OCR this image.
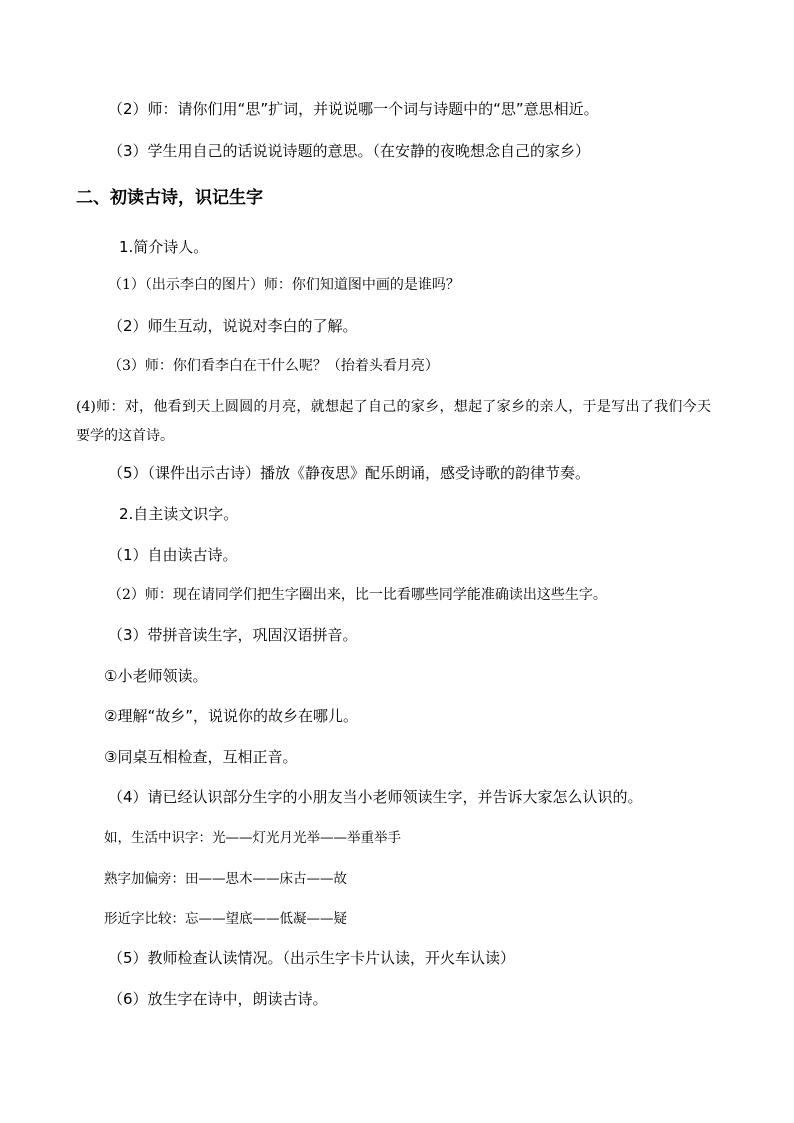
（2）师：请你们用“思”扩词，并说说哪一个词与诗题中的“思”意思相近。
（3）学生用自己的话说说诗题的意思。（在安静的夜晚想念自己的家乡）
二、初读古诗，识记生字
1.简介诗人。
（1）（出示李白的图片）师：你们知道图中画的是谁吗？
（2）师生互动，说说对李白的了解。
（3）师：你们看李白在干什么呢？（抬着头看月亮）
(4)师：对，他看到天上圆圆的月亮，就想起了自己的家乡，想起了家乡的亲人，于是写出了我们今天要学的这首诗。
（5）（课件出示古诗）播放《静夜思》配乐朗诵，感受诗歌的韵律节奏。
2.自主读文识字。
（1）自由读古诗。
（2）师：现在请同学们把生字圈出来，比一比看哪些同学能准确读出这些生字。
（3）带拼音读生字，巩固汉语拼音。
①小老师领读。
②理解“故乡”，说说你的故乡在哪儿。
③同桌互相检查，互相正音。
（4）请已经认识部分生字的小朋友当小老师领读生字，并告诉大家怎么认识的。
如，生活中识字：光——灯光月光举——举重举手
熟字加偏旁：田——思木——床古——故
形近字比较：忘——望底——低凝——疑
（5）教师检查认读情况。（出示生字卡片认读，开火车认读）
（6）放生字在诗中，朗读古诗。
